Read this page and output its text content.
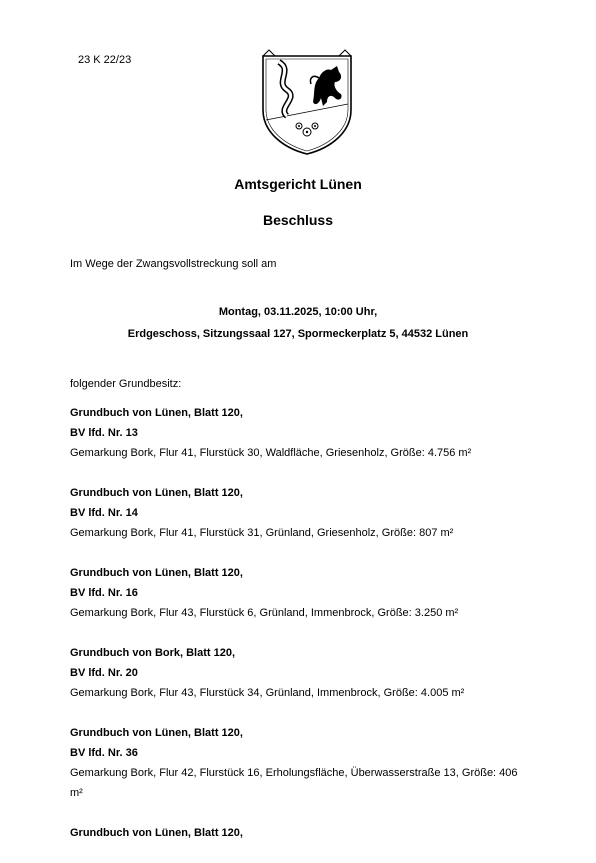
23 K 22/23
Amtsgericht Lünen
Beschluss
Im Wege der Zwangsvollstreckung soll am
Montag, 03.11.2025, 10:00 Uhr,
Erdgeschoss, Sitzungssaal 127, Spormeckerplatz 5, 44532 Lünen
folgender Grundbesitz:
Grundbuch von Lünen, Blatt 120,
BV lfd. Nr. 13
Gemarkung Bork, Flur 41, Flurstück 30, Waldfläche, Griesenholz, Größe: 4.756 m²
Grundbuch von Lünen, Blatt 120,
BV lfd. Nr. 14
Gemarkung Bork, Flur 41, Flurstück 31, Grünland, Griesenholz, Größe: 807 m²
Grundbuch von Lünen, Blatt 120,
BV lfd. Nr. 16
Gemarkung Bork, Flur 43, Flurstück 6, Grünland, Immenbrock, Größe: 3.250 m²
Grundbuch von Bork, Blatt 120,
BV lfd. Nr. 20
Gemarkung Bork, Flur 43, Flurstück 34, Grünland, Immenbrock, Größe: 4.005 m²
Grundbuch von Lünen, Blatt 120,
BV lfd. Nr. 36
Gemarkung Bork, Flur 42, Flurstück 16, Erholungsfläche, Überwasserstraße 13, Größe: 406 m²
Grundbuch von Lünen, Blatt 120,
